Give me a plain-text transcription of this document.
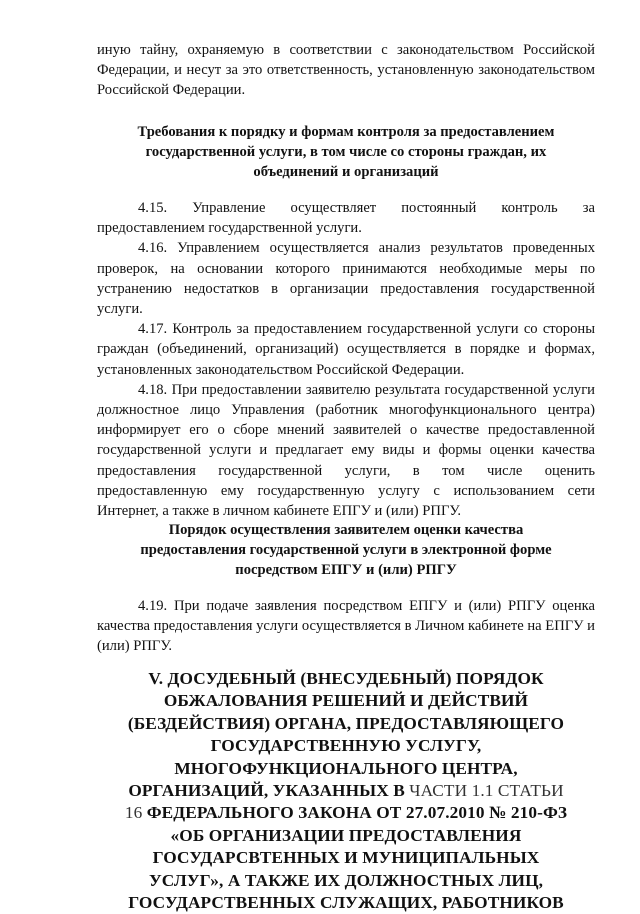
иную тайну, охраняемую в соответствии с законодательством Российской Федерации, и несут за это ответственность, установленную законодательством Российской Федерации.

Требования к порядку и формам контроля за предоставлением государственной услуги, в том числе со стороны граждан, их объединений и организаций

4.15. Управление осуществляет постоянный контроль за предоставлением государственной услуги.

4.16. Управлением осуществляется анализ результатов проведенных проверок, на основании которого принимаются необходимые меры по устранению недостатков в организации предоставления государственной услуги.

4.17. Контроль за предоставлением государственной услуги со стороны граждан (объединений, организаций) осуществляется в порядке и формах, установленных законодательством Российской Федерации.

4.18. При предоставлении заявителю результата государственной услуги должностное лицо Управления (работник многофункционального центра) информирует его о сборе мнений заявителей о качестве предоставленной государственной услуги и предлагает ему виды и формы оценки качества предоставления государственной услуги, в том числе оценить предоставленную ему государственную услугу с использованием сети Интернет, а также в личном кабинете ЕПГУ и (или) РПГУ.

Порядок осуществления заявителем оценки качества предоставления государственной услуги в электронной форме посредством ЕПГУ и (или) РПГУ

4.19. При подаче заявления посредством ЕПГУ и (или) РПГУ оценка качества предоставления услуги осуществляется в Личном кабинете на ЕПГУ и (или) РПГУ.

V. ДОСУДЕБНЫЙ (ВНЕСУДЕБНЫЙ) ПОРЯДОК ОБЖАЛОВАНИЯ РЕШЕНИЙ И ДЕЙСТВИЙ (БЕЗДЕЙСТВИЯ) ОРГАНА, ПРЕДОСТАВЛЯЮЩЕГО ГОСУДАРСТВЕННУЮ УСЛУГУ, МНОГОФУНКЦИОНАЛЬНОГО ЦЕНТРА, ОРГАНИЗАЦИЙ, УКАЗАННЫХ В ЧАСТИ 1.1 СТАТЬИ 16 ФЕДЕРАЛЬНОГО ЗАКОНА ОТ 27.07.2010 № 210-ФЗ «ОБ ОРГАНИЗАЦИИ ПРЕДОСТАВЛЕНИЯ ГОСУДАРСВТЕННЫХ И МУНИЦИПАЛЬНЫХ УСЛУГ», А ТАКЖЕ ИХ ДОЛЖНОСТНЫХ ЛИЦ, ГОСУДАРСТВЕННЫХ СЛУЖАЩИХ, РАБОТНИКОВ
